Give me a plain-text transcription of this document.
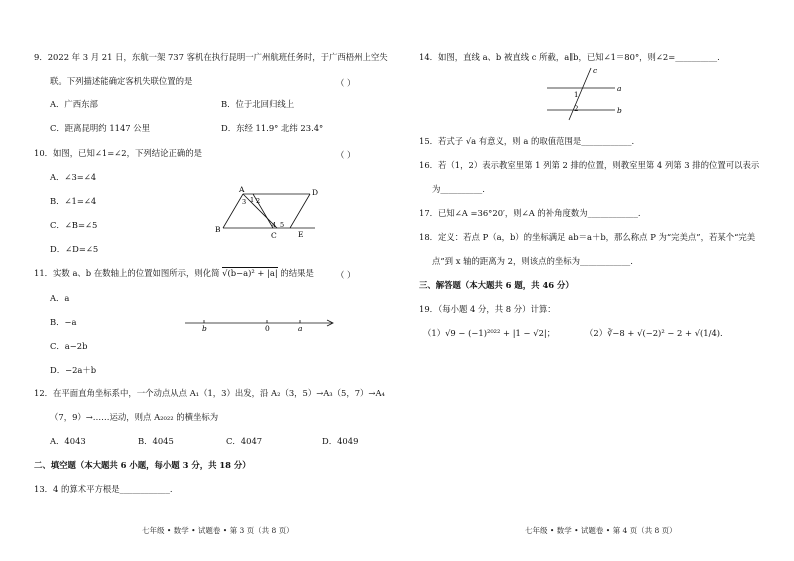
9．2022 年 3 月 21 日，东航一架 737 客机在执行昆明一广州航班任务时，于广西梧州上空失
联。下列描述能确定客机失联位置的是	（ ）
A．广西东部	B．位于北回归线上
C．距离昆明约 1147 公里	D．东经 11.9° 北纬 23.4°
10．如图，已知∠1=∠2，下列结论正确的是	（ ）
A．∠3=∠4
B．∠1=∠4
C．∠B=∠5
D．∠D=∠5
A	D
B
C	E
3 1 2
4 5
11．实数 a、b 在数轴上的位置如图所示，则化简 √(b−a)² + |a| 的结果是	（ ）
A．a
B．−a
C．a−2b
D．−2a＋b
b	0	a
12．在平面直角坐标系中，一个动点从点 A₁（1，3）出发，沿 A₂（3，5）→A₃（5，7）→A₄
（7，9）→……运动，则点 A₂₀₂₂ 的横坐标为
A．4043	B．4045	C．4047	D．4049
二、填空题（本大题共 6 小题，每小题 3 分，共 18 分）
13．4 的算术平方根是____________.
七年级 • 数学 • 试题卷 • 第 3 页（共 8 页）
14．如图，直线 a、b 被直线 c 所截，a∥b，已知∠1＝80°，则∠2=__________.
c
a
b
1
2
15．若式子 √a 有意义，则 a 的取值范围是____________.
16．若（1，2）表示教室里第 1 列第 2 排的位置，则教室里第 4 列第 3 排的位置可以表示
为__________.
17．已知∠A =36°20′，则∠A 的补角度数为____________.
18．定义：若点 P（a，b）的坐标满足 ab＝a＋b，那么称点 P 为“完美点”，若某个“完美
点”到 x 轴的距离为 2，则该点的坐标为____________.
三、解答题（本大题共 6 题，共 46 分）
19．（每小题 4 分，共 8 分）计算：
（1）√9 − (−1)²⁰²² + |1 − √2|；	（2）∛−8 + √(−2)² − 2 + √(1/4).
七年级 • 数学 • 试题卷 • 第 4 页（共 8 页）
